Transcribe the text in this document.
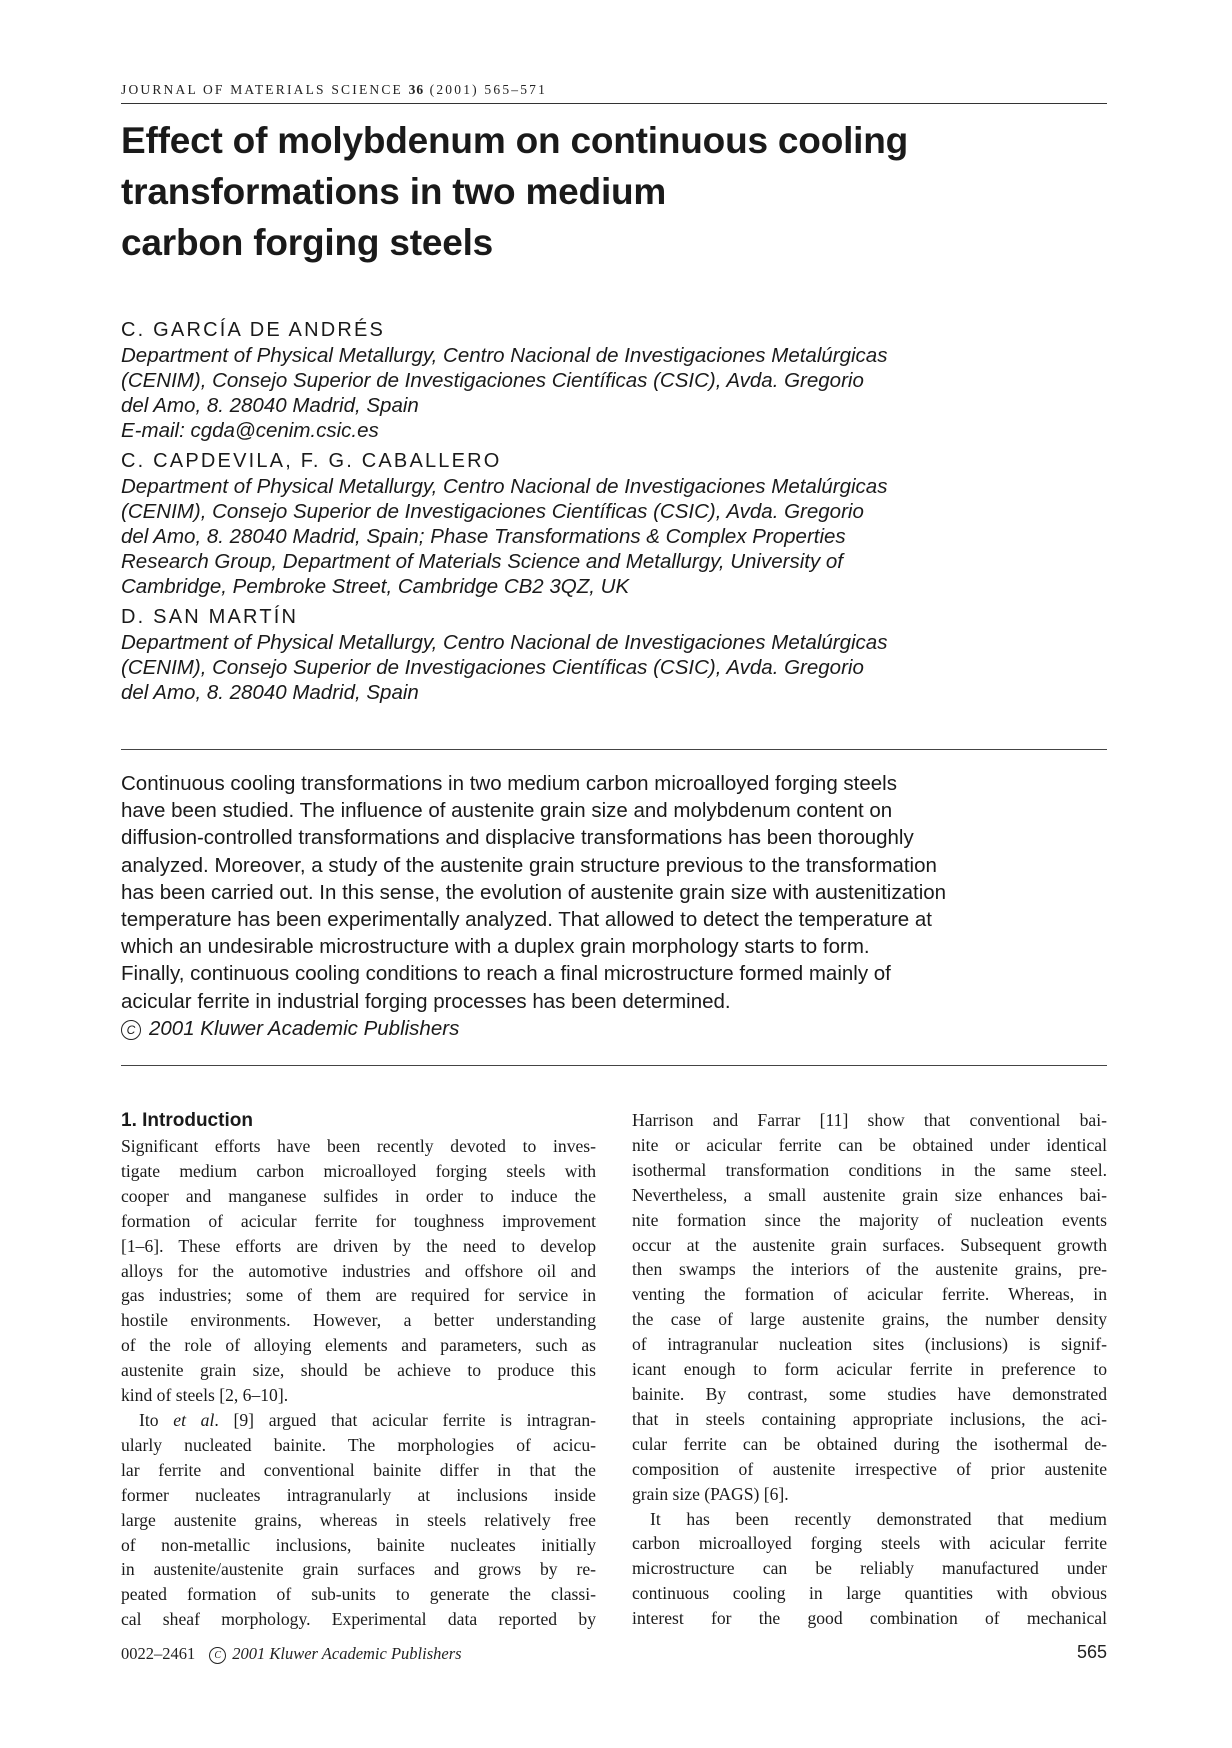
JOURNAL OF MATERIALS SCIENCE 36 (2001) 565–571
Effect of molybdenum on continuous cooling
transformations in two medium
carbon forging steels
C. GARCÍA DE ANDRÉS
Department of Physical Metallurgy, Centro Nacional de Investigaciones Metalúrgicas
(CENIM), Consejo Superior de Investigaciones Científicas (CSIC), Avda. Gregorio
del Amo, 8. 28040 Madrid, Spain
E-mail: cgda@cenim.csic.es
C. CAPDEVILA, F. G. CABALLERO
Department of Physical Metallurgy, Centro Nacional de Investigaciones Metalúrgicas
(CENIM), Consejo Superior de Investigaciones Científicas (CSIC), Avda. Gregorio
del Amo, 8. 28040 Madrid, Spain; Phase Transformations & Complex Properties
Research Group, Department of Materials Science and Metallurgy, University of
Cambridge, Pembroke Street, Cambridge CB2 3QZ, UK
D. SAN MARTÍN
Department of Physical Metallurgy, Centro Nacional de Investigaciones Metalúrgicas
(CENIM), Consejo Superior de Investigaciones Científicas (CSIC), Avda. Gregorio
del Amo, 8. 28040 Madrid, Spain
Continuous cooling transformations in two medium carbon microalloyed forging steels
have been studied. The influence of austenite grain size and molybdenum content on
diffusion-controlled transformations and displacive transformations has been thoroughly
analyzed. Moreover, a study of the austenite grain structure previous to the transformation
has been carried out. In this sense, the evolution of austenite grain size with austenitization
temperature has been experimentally analyzed. That allowed to detect the temperature at
which an undesirable microstructure with a duplex grain morphology starts to form.
Finally, continuous cooling conditions to reach a final microstructure formed mainly of
acicular ferrite in industrial forging processes has been determined.
C 2001 Kluwer Academic Publishers
1. Introduction
Significant efforts have been recently devoted to inves-
tigate medium carbon microalloyed forging steels with
cooper and manganese sulfides in order to induce the
formation of acicular ferrite for toughness improvement
[1–6]. These efforts are driven by the need to develop
alloys for the automotive industries and offshore oil and
gas industries; some of them are required for service in
hostile environments. However, a better understanding
of the role of alloying elements and parameters, such as
austenite grain size, should be achieve to produce this
kind of steels [2, 6–10].
Ito et al. [9] argued that acicular ferrite is intragran-
ularly nucleated bainite. The morphologies of acicu-
lar ferrite and conventional bainite differ in that the
former nucleates intragranularly at inclusions inside
large austenite grains, whereas in steels relatively free
of non-metallic inclusions, bainite nucleates initially
in austenite/austenite grain surfaces and grows by re-
peated formation of sub-units to generate the classi-
cal sheaf morphology. Experimental data reported by
Harrison and Farrar [11] show that conventional bai-
nite or acicular ferrite can be obtained under identical
isothermal transformation conditions in the same steel.
Nevertheless, a small austenite grain size enhances bai-
nite formation since the majority of nucleation events
occur at the austenite grain surfaces. Subsequent growth
then swamps the interiors of the austenite grains, pre-
venting the formation of acicular ferrite. Whereas, in
the case of large austenite grains, the number density
of intragranular nucleation sites (inclusions) is signif-
icant enough to form acicular ferrite in preference to
bainite. By contrast, some studies have demonstrated
that in steels containing appropriate inclusions, the aci-
cular ferrite can be obtained during the isothermal de-
composition of austenite irrespective of prior austenite
grain size (PAGS) [6].
It has been recently demonstrated that medium
carbon microalloyed forging steels with acicular ferrite
microstructure can be reliably manufactured under
continuous cooling in large quantities with obvious
interest for the good combination of mechanical
0022–2461 C 2001 Kluwer Academic Publishers	565
